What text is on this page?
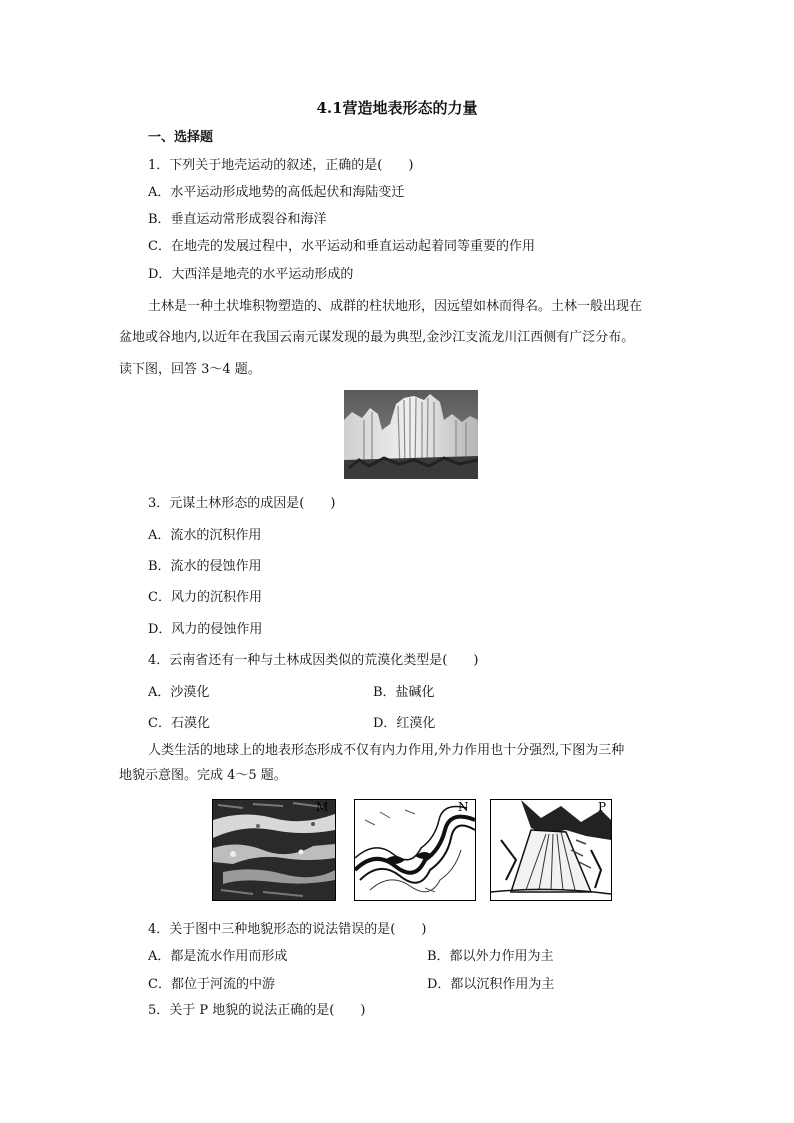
4.1营造地表形态的力量
一、选择题
1．下列关于地壳运动的叙述，正确的是(　　)
A．水平运动形成地势的高低起伏和海陆变迁
B．垂直运动常形成裂谷和海洋
C．在地壳的发展过程中，水平运动和垂直运动起着同等重要的作用
D．大西洋是地壳的水平运动形成的
土林是一种土状堆积物塑造的、成群的柱状地形，因远望如林而得名。土林一般出现在
盆地或谷地内,以近年在我国云南元谋发现的最为典型,金沙江支流龙川江西侧有广泛分布。
读下图，回答 3～4 题。
3．元谋土林形态的成因是(　　)
A．流水的沉积作用
B．流水的侵蚀作用
C．风力的沉积作用
D．风力的侵蚀作用
4．云南省还有一种与土林成因类似的荒漠化类型是(　　)
A．沙漠化	B．盐碱化
C．石漠化	D．红漠化
人类生活的地球上的地表形态形成不仅有内力作用,外力作用也十分强烈,下图为三种
地貌示意图。完成 4～5 题。
M	N	P
4．关于图中三种地貌形态的说法错误的是(　　)
A．都是流水作用而形成	B．都以外力作用为主
C．都位于河流的中游	D．都以沉积作用为主
5．关于 P 地貌的说法正确的是(　　)
